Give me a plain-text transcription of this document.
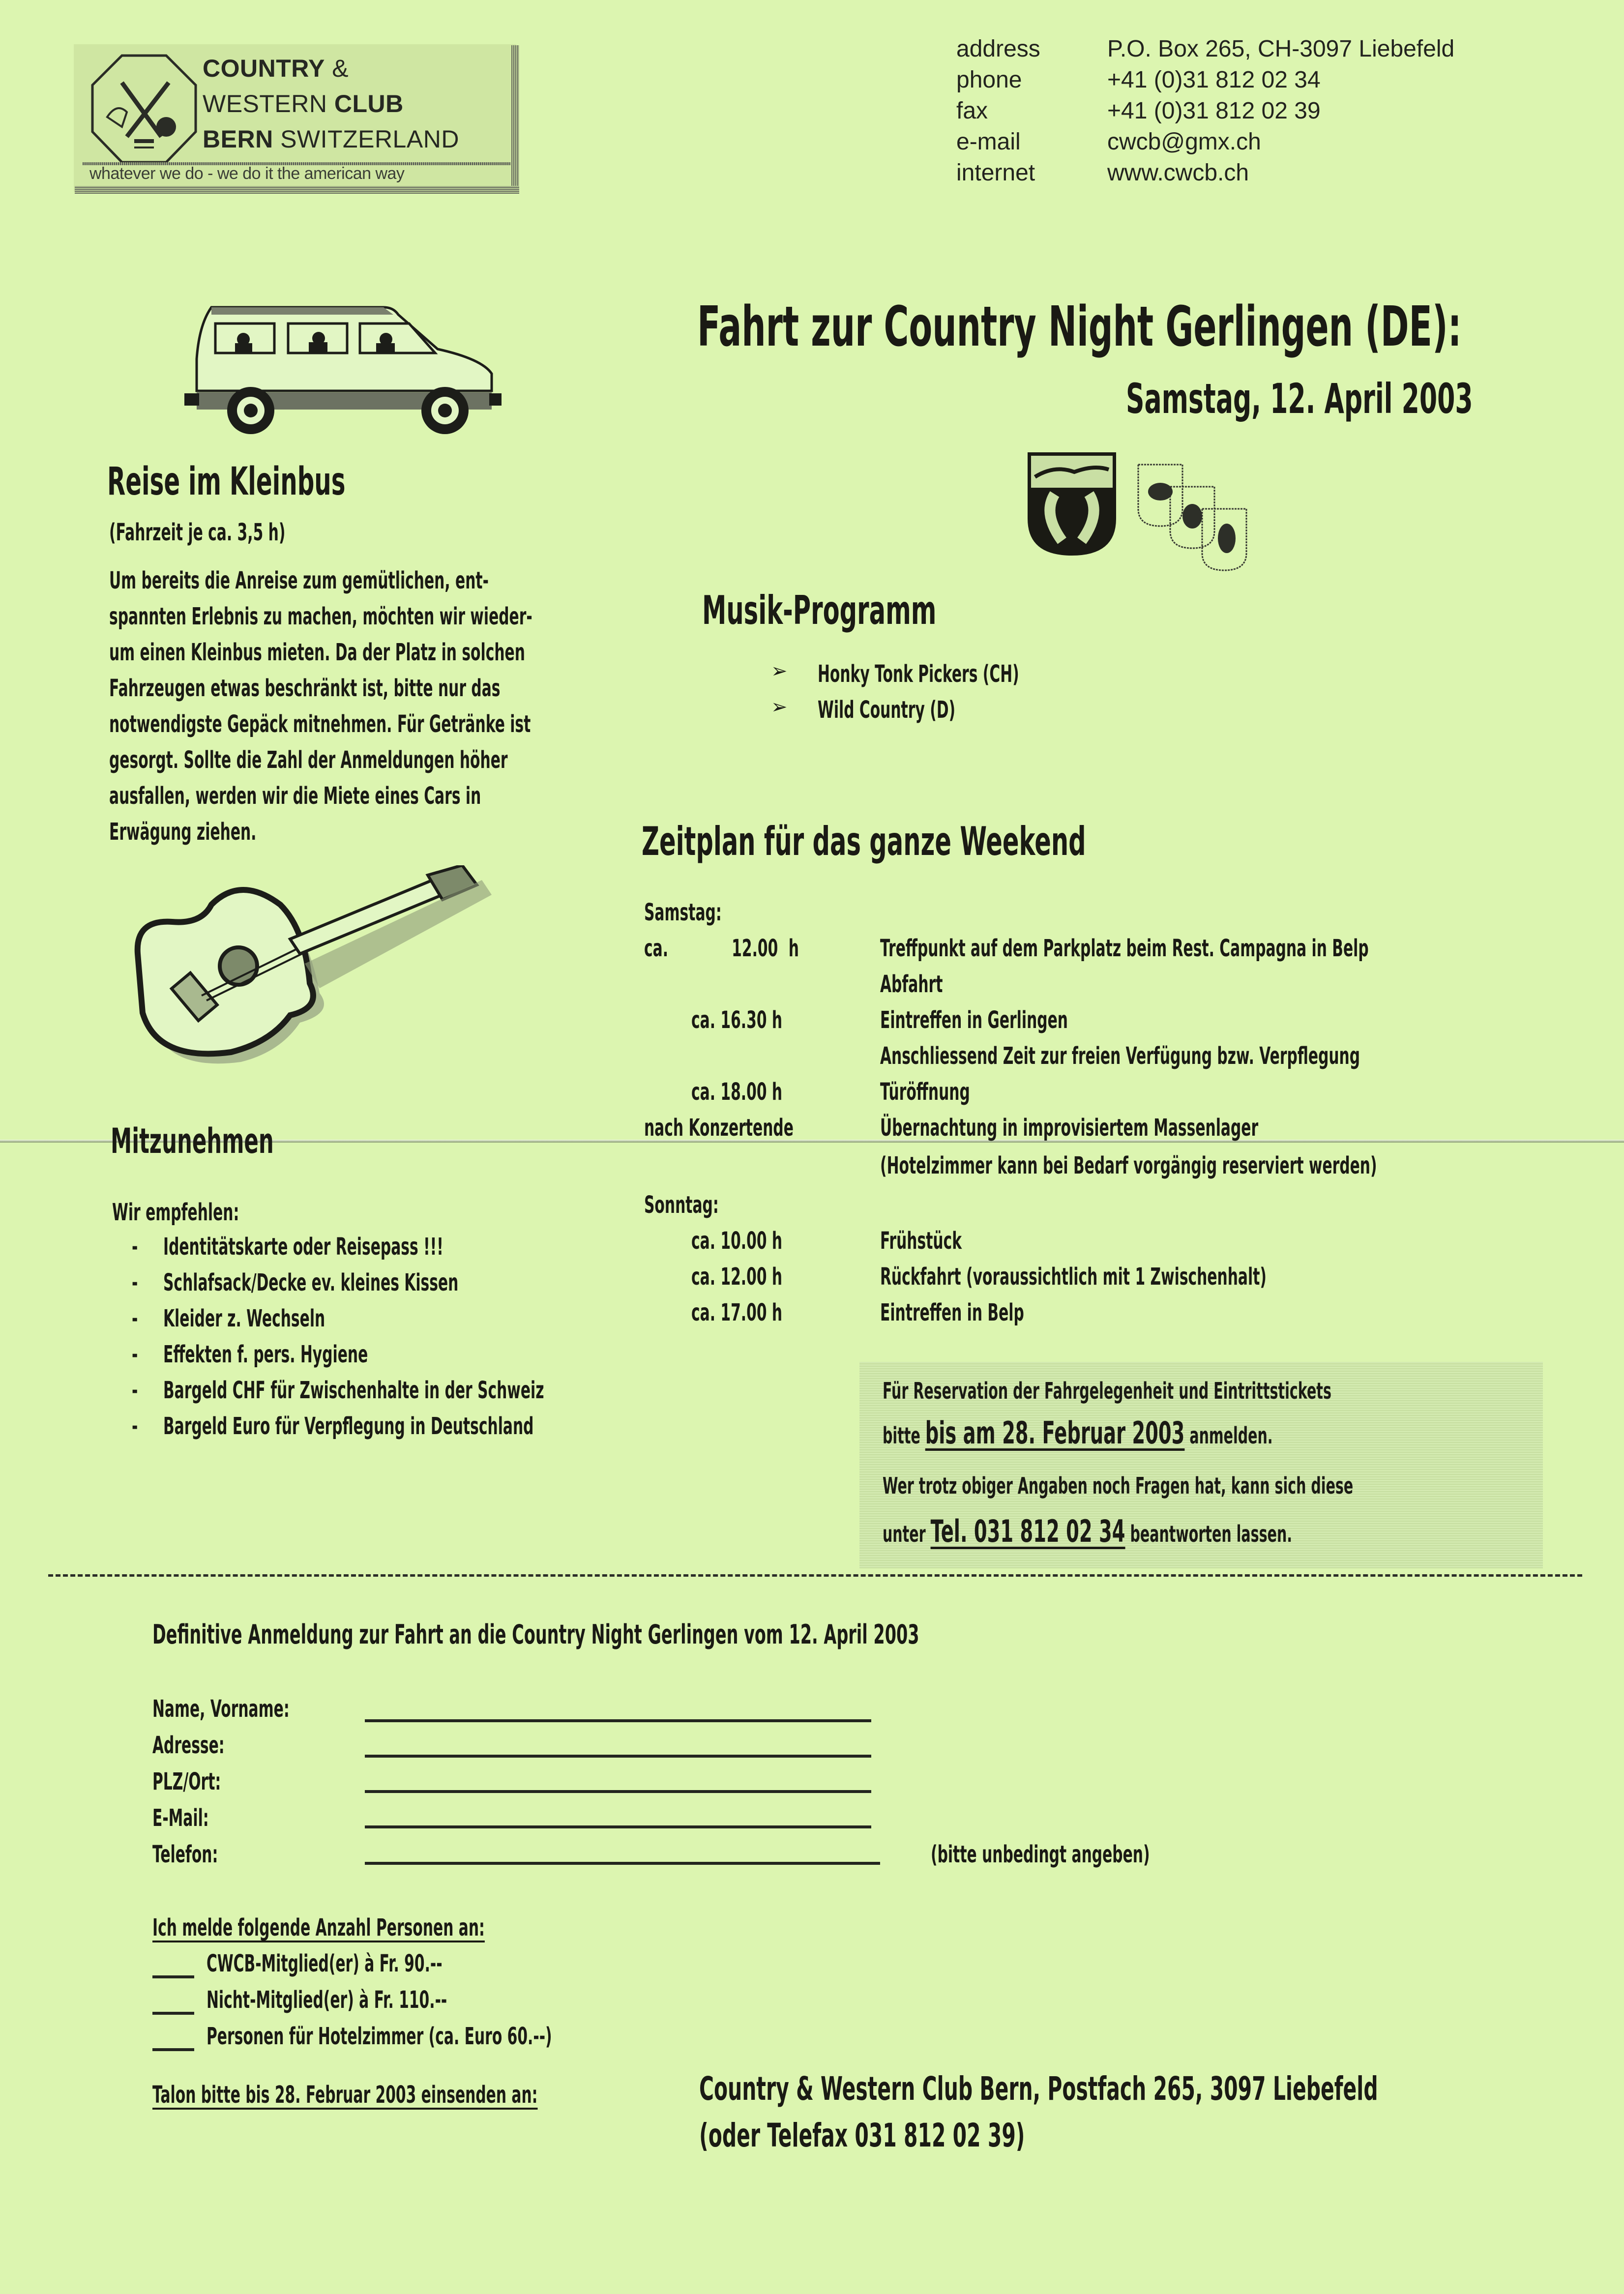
COUNTRY &
WESTERN CLUB
BERN SWITZERLAND
whatever we do - we do it the american way
address	P.O. Box 265, CH-3097 Liebefeld
phone	+41 (0)31 812 02 34
fax	+41 (0)31 812 02 39
e-mail	cwcb@gmx.ch
internet	www.cwcb.ch
Fahrt zur Country Night Gerlingen (DE):
Samstag, 12. April 2003
Reise im Kleinbus
(Fahrzeit je ca. 3,5 h)
Um bereits die Anreise zum gemütlichen, ent-
spannten Erlebnis zu machen, möchten wir wieder-
um einen Kleinbus mieten. Da der Platz in solchen
Fahrzeugen etwas beschränkt ist, bitte nur das
notwendigste Gepäck mitnehmen. Für Getränke ist
gesorgt. Sollte die Zahl der Anmeldungen höher
ausfallen, werden wir die Miete eines Cars in
Erwägung ziehen.
Mitzunehmen
Wir empfehlen:
- Identitätskarte oder Reisepass !!!
- Schlafsack/Decke ev. kleines Kissen
- Kleider z. Wechseln
- Effekten f. pers. Hygiene
- Bargeld CHF für Zwischenhalte in der Schweiz
- Bargeld Euro für Verpflegung in Deutschland
Musik-Programm
➢ Honky Tonk Pickers (CH)
➢ Wild Country (D)
Zeitplan für das ganze Weekend
Samstag:
ca.      12.00 h	Treffpunkt auf dem Parkplatz beim Rest. Campagna in Belp
Abfahrt
ca. 16.30 h	Eintreffen in Gerlingen
Anschliessend Zeit zur freien Verfügung bzw. Verpflegung
ca. 18.00 h	Türöffnung
nach Konzertende	Übernachtung in improvisiertem Massenlager
(Hotelzimmer kann bei Bedarf vorgängig reserviert werden)
Sonntag:
ca. 10.00 h	Frühstück
ca. 12.00 h	Rückfahrt (voraussichtlich mit 1 Zwischenhalt)
ca. 17.00 h	Eintreffen in Belp
Für Reservation der Fahrgelegenheit und Eintrittstickets
bitte bis am 28. Februar 2003 anmelden.
Wer trotz obiger Angaben noch Fragen hat, kann sich diese
unter Tel. 031 812 02 34 beantworten lassen.
Definitive Anmeldung zur Fahrt an die Country Night Gerlingen vom 12. April 2003
Name, Vorname:
Adresse:
PLZ/Ort:
E-Mail:
Telefon:	(bitte unbedingt angeben)
Ich melde folgende Anzahl Personen an:
CWCB-Mitglied(er) à Fr. 90.--
Nicht-Mitglied(er) à Fr. 110.--
Personen für Hotelzimmer (ca. Euro 60.--)
Talon bitte bis 28. Februar 2003 einsenden an:	Country & Western Club Bern, Postfach 265, 3097 Liebefeld
(oder Telefax 031 812 02 39)
